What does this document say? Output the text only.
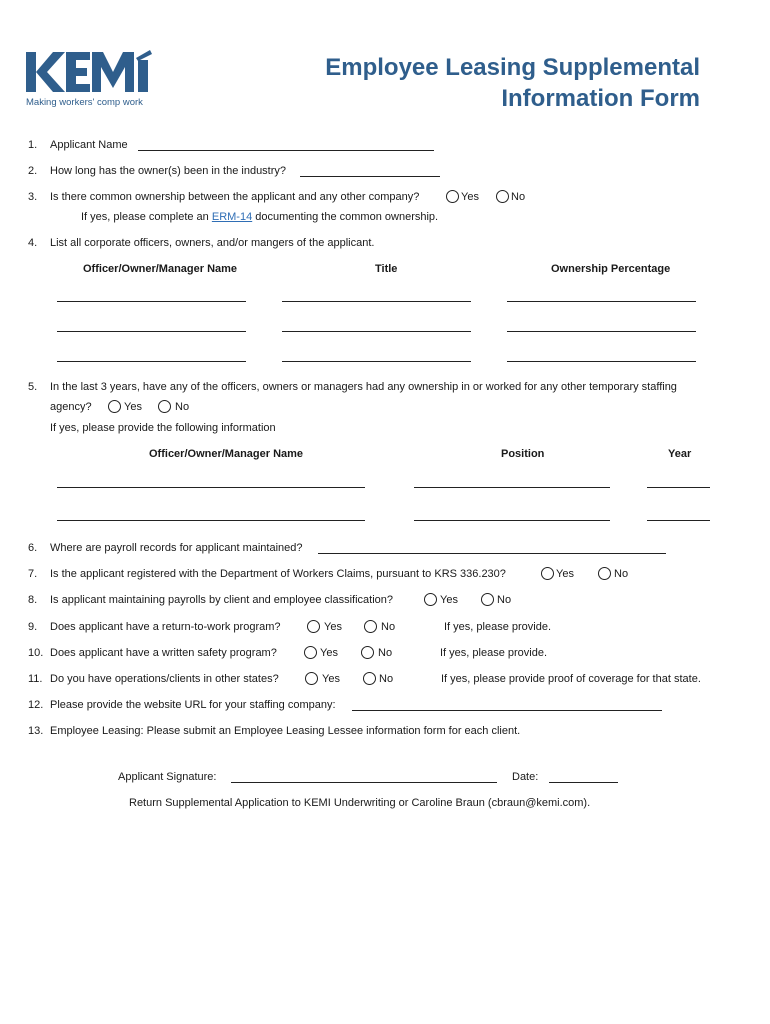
Making workers' comp work
Employee Leasing Supplemental
Information Form
1. Applicant Name
2. How long has the owner(s) been in the industry?
3. Is there common ownership between the applicant and any other company?	Yes	No
If yes, please complete an ERM-14 documenting the common ownership.
4. List all corporate officers, owners, and/or mangers of the applicant.
Officer/Owner/Manager Name	Title	Ownership Percentage
5. In the last 3 years, have any of the officers, owners or managers had any ownership in or worked for any other temporary staffing
agency?	Yes	No
If yes, please provide the following information
Officer/Owner/Manager Name	Position	Year
6. Where are payroll records for applicant maintained?
7. Is the applicant registered with the Department of Workers Claims, pursuant to KRS 336.230?	Yes	No
8. Is applicant maintaining payrolls by client and employee classification?	Yes	No
9. Does applicant have a return-to-work program?	Yes	No	If yes, please provide.
10. Does applicant have a written safety program?	Yes	No	If yes, please provide.
11. Do you have operations/clients in other states?	Yes	No	If yes, please provide proof of coverage for that state.
12. Please provide the website URL for your staffing company:
13. Employee Leasing: Please submit an Employee Leasing Lessee information form for each client.
Applicant Signature:	Date:
Return Supplemental Application to KEMI Underwriting or Caroline Braun (cbraun@kemi.com).
